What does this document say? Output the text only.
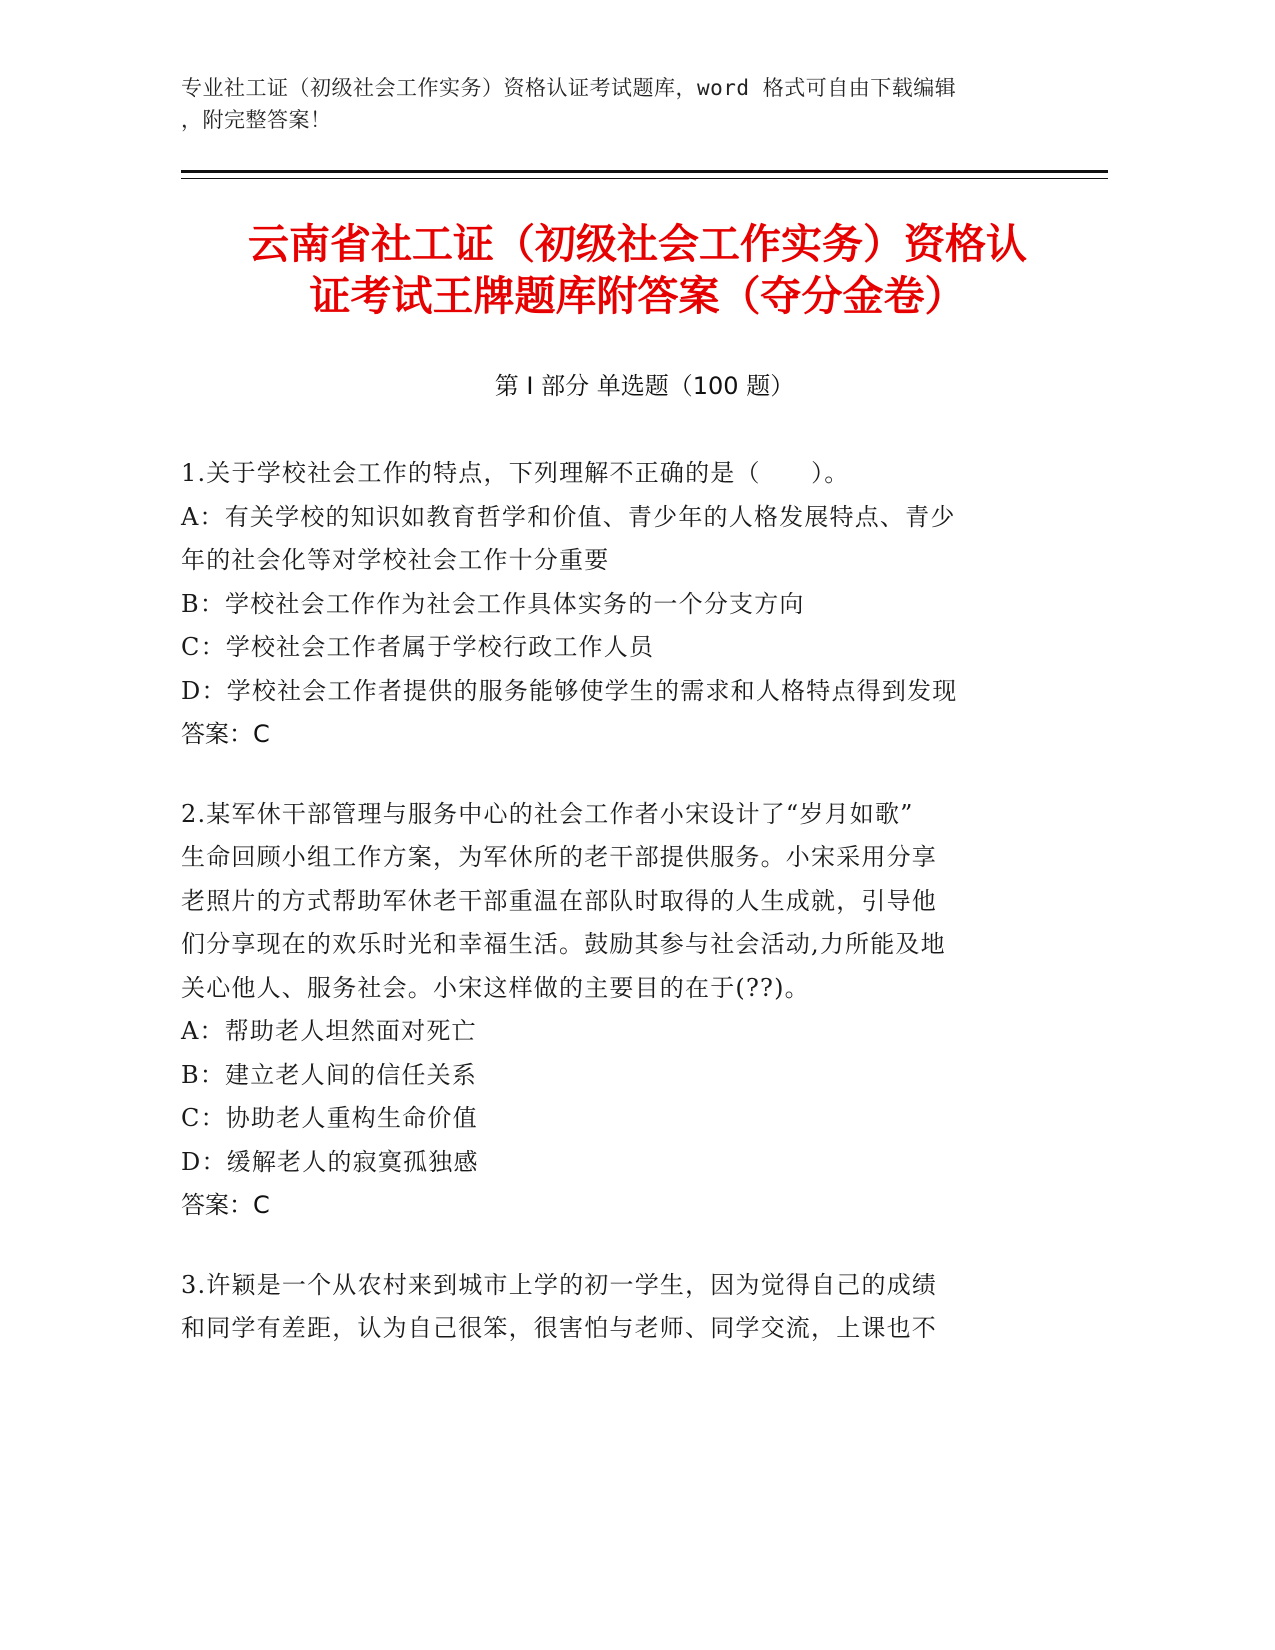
专业社工证（初级社会工作实务）资格认证考试题库，word 格式可自由下载编辑
，附完整答案！
云南省社工证（初级社会工作实务）资格认
证考试王牌题库附答案（夺分金卷）
第 I 部分 单选题（100 题）
1.关于学校社会工作的特点，下列理解不正确的是（　　）。
A：有关学校的知识如教育哲学和价值、青少年的人格发展特点、青少
年的社会化等对学校社会工作十分重要
B：学校社会工作作为社会工作具体实务的一个分支方向
C：学校社会工作者属于学校行政工作人员
D：学校社会工作者提供的服务能够使学生的需求和人格特点得到发现
答案：C
2.某军休干部管理与服务中心的社会工作者小宋设计了“岁月如歌”
生命回顾小组工作方案，为军休所的老干部提供服务。小宋采用分享
老照片的方式帮助军休老干部重温在部队时取得的人生成就，引导他
们分享现在的欢乐时光和幸福生活。鼓励其参与社会活动,力所能及地
关心他人、服务社会。小宋这样做的主要目的在于(??)。
A：帮助老人坦然面对死亡
B：建立老人间的信任关系
C：协助老人重构生命价值
D：缓解老人的寂寞孤独感
答案：C
3.许颖是一个从农村来到城市上学的初一学生，因为觉得自己的成绩
和同学有差距，认为自己很笨，很害怕与老师、同学交流，上课也不
